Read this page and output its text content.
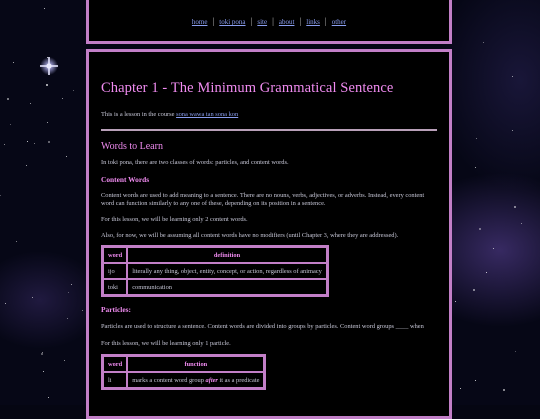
home | toki pona | site | about | links | other
Chapter 1 - The Minimum Grammatical Sentence

This is a lesson in the course sona wawa tan sona kon

Words to Learn

In toki pona, there are two classes of words: particles, and content words.

Content Words

Content words are used to add meaning to a sentence. There are no nouns, verbs, adjectives, or adverbs. Instead, every content word can function similarly to any one of these, depending on its position in a sentence.

For this lesson, we will be learning only 2 content words.

Also, for now, we will be assuming all content words have no modifiers (until Chapter 3, where they are addressed).

word	definition
ijo	literally any thing, object, entity, concept, or action, regardless of animacy
toki	communication
Particles:

Particles are used to structure a sentence. Content words are divided into groups by particles. Content word groups ____ when

For this lesson, we will be learning only 1 particle.

word	function
li	marks a content word group after it as a predicate
